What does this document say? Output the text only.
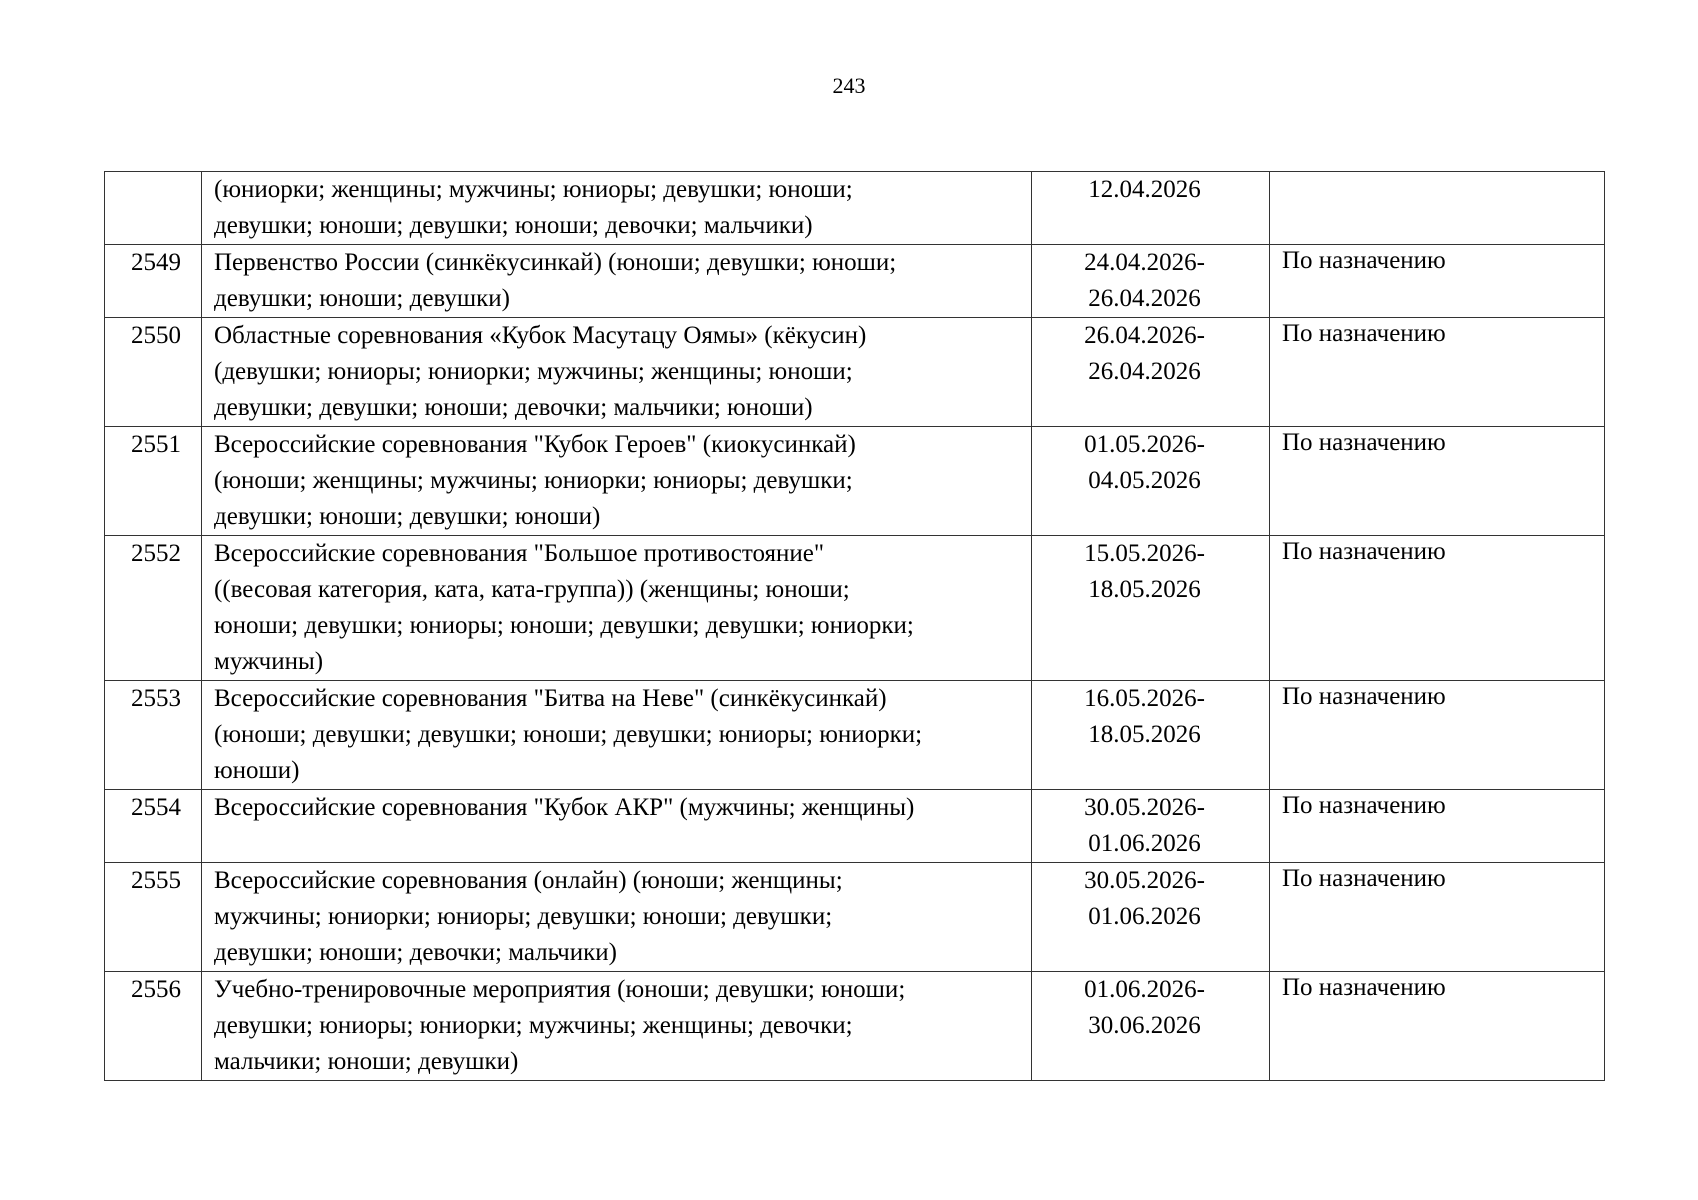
243

	(юниорки; женщины; мужчины; юниоры; девушки; юноши;
девушки; юноши; девушки; юноши; девочки; мальчики)	12.04.2026	

2549	Первенство России (синкёкусинкай) (юноши; девушки; юноши;
девушки; юноши; девушки)	24.04.2026-
26.04.2026	По назначению
2550	Областные соревнования «Кубок Масутацу Оямы» (кёкусин)
(девушки; юниоры; юниорки; мужчины; женщины; юноши;
девушки; девушки; юноши; девочки; мальчики; юноши)	26.04.2026-
26.04.2026	По назначению
2551	Всероссийские соревнования "Кубок Героев" (киокусинкай)
(юноши; женщины; мужчины; юниорки; юниоры; девушки;
девушки; юноши; девушки; юноши)	01.05.2026-
04.05.2026	По назначению
2552	Всероссийские соревнования "Большое противостояние"
((весовая категория, ката, ката-группа)) (женщины; юноши;
юноши; девушки; юниоры; юноши; девушки; девушки; юниорки;
мужчины)	15.05.2026-
18.05.2026	По назначению
2553	Всероссийские соревнования "Битва на Неве" (синкёкусинкай)
(юноши; девушки; девушки; юноши; девушки; юниоры; юниорки;
юноши)	16.05.2026-
18.05.2026	По назначению
2554	Всероссийские соревнования "Кубок АКР" (мужчины; женщины)	30.05.2026-
01.06.2026	По назначению
2555	Всероссийские соревнования (онлайн) (юноши; женщины;
мужчины; юниорки; юниоры; девушки; юноши; девушки;
девушки; юноши; девочки; мальчики)	30.05.2026-
01.06.2026	По назначению
2556	Учебно-тренировочные мероприятия (юноши; девушки; юноши;
девушки; юниоры; юниорки; мужчины; женщины; девочки;
мальчики; юноши; девушки)	01.06.2026-
30.06.2026	По назначению
